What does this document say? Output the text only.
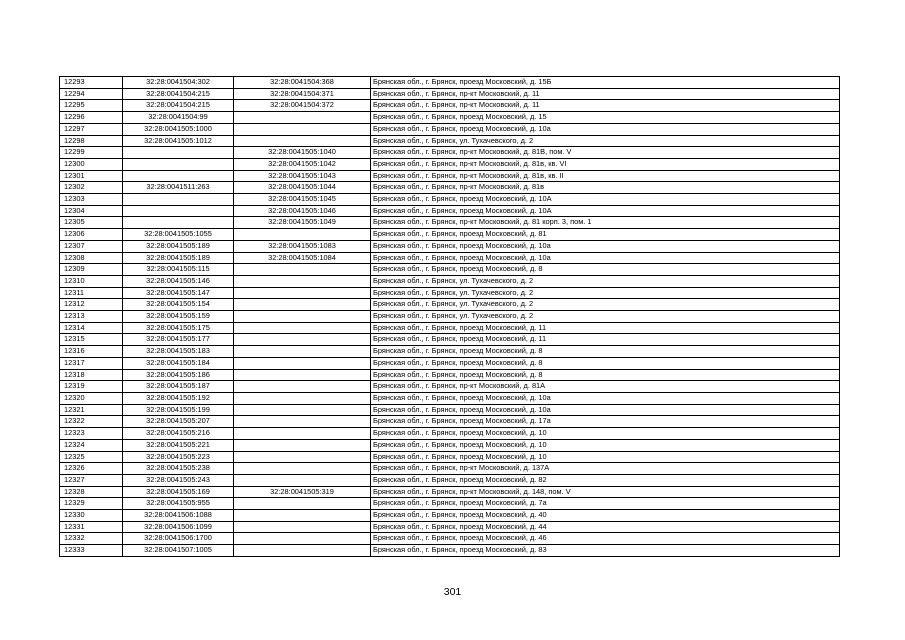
12293	32:28:0041504:302	32:28:0041504:368	Брянская обл., г. Брянск, проезд Московский, д. 15Б
12294	32:28:0041504:215	32:28:0041504:371	Брянская обл., г. Брянск, пр-кт Московский, д. 11
12295	32:28:0041504:215	32:28:0041504:372	Брянская обл., г. Брянск, пр-кт Московский, д. 11
12296	32:28:0041504:99		Брянская обл., г. Брянск, проезд Московский, д. 15
12297	32:28:0041505:1000		Брянская обл., г. Брянск, проезд Московский, д. 10а
12298	32:28:0041505:1012		Брянская обл., г. Брянск, ул. Тухачевского, д. 2
12299		32:28:0041505:1040	Брянская обл., г. Брянск, пр-кт Московский, д. 81В, пом. V
12300		32:28:0041505:1042	Брянская обл., г. Брянск, пр-кт Московский, д. 81в, кв. VI
12301		32:28:0041505:1043	Брянская обл., г. Брянск, пр-кт Московский, д. 81в, кв. II
12302	32:28:0041511:263	32:28:0041505:1044	Брянская обл., г. Брянск, пр-кт Московский, д. 81в
12303		32:28:0041505:1045	Брянская обл., г. Брянск, проезд Московский, д. 10А
12304		32:28:0041505:1046	Брянская обл., г. Брянск, проезд Московский, д. 10А
12305		32:28:0041505:1049	Брянская обл., г. Брянск, пр-кт Московский, д. 81 корп. 3, пом. 1
12306	32:28:0041505:1055		Брянская обл., г. Брянск, проезд Московский, д. 81
12307	32:28:0041505:189	32:28:0041505:1083	Брянская обл., г. Брянск, проезд Московский, д. 10а
12308	32:28:0041505:189	32:28:0041505:1084	Брянская обл., г. Брянск, проезд Московский, д. 10а
12309	32:28:0041505:115		Брянская обл., г. Брянск, проезд Московский, д. 8
12310	32:28:0041505:146		Брянская обл., г. Брянск, ул. Тухачевского, д. 2
12311	32:28:0041505:147		Брянская обл., г. Брянск, ул. Тухачевского, д. 2
12312	32:28:0041505:154		Брянская обл., г. Брянск, ул. Тухачевского, д. 2
12313	32:28:0041505:159		Брянская обл., г. Брянск, ул. Тухачевского, д. 2
12314	32:28:0041505:175		Брянская обл., г. Брянск, проезд Московский, д. 11
12315	32:28:0041505:177		Брянская обл., г. Брянск, проезд Московский, д. 11
12316	32:28:0041505:183		Брянская обл., г. Брянск, проезд Московский, д. 8
12317	32:28:0041505:184		Брянская обл., г. Брянск, проезд Московский, д. 8
12318	32:28:0041505:186		Брянская обл., г. Брянск, проезд Московский, д. 8
12319	32:28:0041505:187		Брянская обл., г. Брянск, пр-кт Московский, д. 81А
12320	32:28:0041505:192		Брянская обл., г. Брянск, проезд Московский, д. 10а
12321	32:28:0041505:199		Брянская обл., г. Брянск, проезд Московский, д. 10а
12322	32:28:0041505:207		Брянская обл., г. Брянск, проезд Московский, д. 17а
12323	32:28:0041505:216		Брянская обл., г. Брянск, проезд Московский, д. 10
12324	32:28:0041505:221		Брянская обл., г. Брянск, проезд Московский, д. 10
12325	32:28:0041505:223		Брянская обл., г. Брянск, проезд Московский, д. 10
12326	32:28:0041505:238		Брянская обл., г. Брянск, пр-кт Московский, д. 137А
12327	32:28:0041505:243		Брянская обл., г. Брянск, проезд Московский, д. 82
12328	32:28:0041505:169	32:28:0041505:319	Брянская обл., г. Брянск, пр-кт Московский, д. 148, пом. V
12329	32:28:0041505:955		Брянская обл., г. Брянск, проезд Московский, д. 7а
12330	32:28:0041506:1088		Брянская обл., г. Брянск, проезд Московский, д. 40
12331	32:28:0041506:1099		Брянская обл., г. Брянск, проезд Московский, д. 44
12332	32:28:0041506:1700		Брянская обл., г. Брянск, проезд Московский, д. 46
12333	32:28:0041507:1005		Брянская обл., г. Брянск, проезд Московский, д. 83
301
